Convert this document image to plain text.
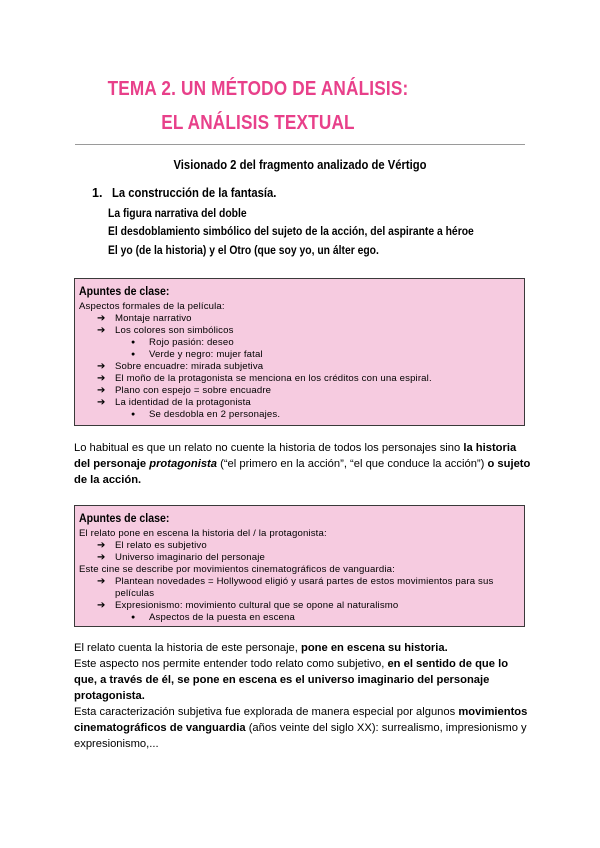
TEMA 2. UN MÉTODO DE ANÁLISIS:
EL ANÁLISIS TEXTUAL
Visionado 2 del fragmento analizado de Vértigo
1. La construcción de la fantasía.
La figura narrativa del doble
El desdoblamiento simbólico del sujeto de la acción, del aspirante a héroe
El yo (de la historia) y el Otro (que soy yo, un álter ego.
Apuntes de clase:
Aspectos formales de la película:
➔ Montaje narrativo
➔ Los colores son simbólicos
● Rojo pasión: deseo
● Verde y negro: mujer fatal
➔ Sobre encuadre: mirada subjetiva
➔ El moño de la protagonista se menciona en los créditos con una espiral.
➔ Plano con espejo = sobre encuadre
➔ La identidad de la protagonista
● Se desdobla en 2 personajes.
Lo habitual es que un relato no cuente la historia de todos los personajes sino la historia del personaje protagonista (“el primero en la acción”, “el que conduce la acción”) o sujeto de la acción.
Apuntes de clase:
El relato pone en escena la historia del / la protagonista:
➔ El relato es subjetivo
➔ Universo imaginario del personaje
Este cine se describe por movimientos cinematográficos de vanguardia:
➔ Plantean novedades = Hollywood eligió y usará partes de estos movimientos para sus
películas
➔ Expresionismo: movimiento cultural que se opone al naturalismo
● Aspectos de la puesta en escena
El relato cuenta la historia de este personaje, pone en escena su historia.
Este aspecto nos permite entender todo relato como subjetivo, en el sentido de que lo que, a través de él, se pone en escena es el universo imaginario del personaje protagonista.
Esta caracterización subjetiva fue explorada de manera especial por algunos movimientos cinematográficos de vanguardia (años veinte del siglo XX): surrealismo, impresionismo y expresionismo,...
